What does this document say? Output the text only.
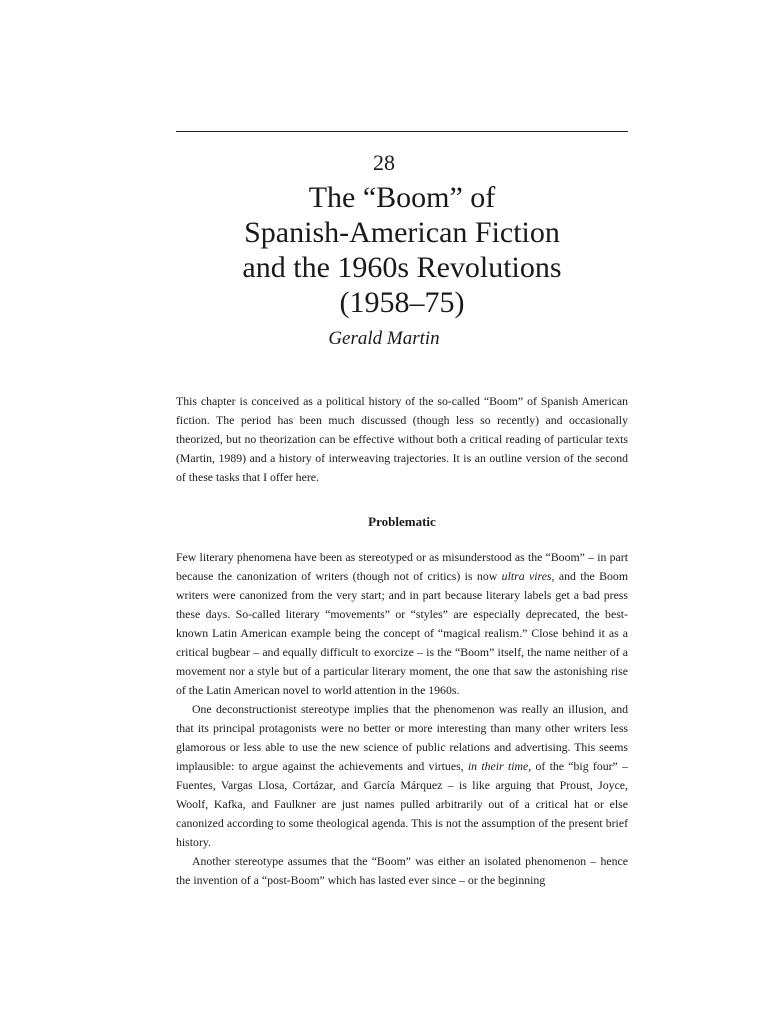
28
The “Boom” of
Spanish-American Fiction
and the 1960s Revolutions
(1958–75)
Gerald Martin

This chapter is conceived as a political history of the so-called “Boom” of Spanish American fiction. The period has been much discussed (though less so recently) and occasionally theorized, but no theorization can be effective without both a critical reading of particular texts (Martin, 1989) and a history of interweaving trajectories. It is an outline version of the second of these tasks that I offer here.

Problematic

Few literary phenomena have been as stereotyped or as misunderstood as the “Boom” – in part because the canonization of writers (though not of critics) is now ultra vires, and the Boom writers were canonized from the very start; and in part because literary labels get a bad press these days. So-called literary “movements” or “styles” are especially deprecated, the best-known Latin American example being the concept of “magical realism.” Close behind it as a critical bugbear – and equally difficult to exorcize – is the “Boom” itself, the name neither of a movement nor a style but of a particular literary moment, the one that saw the astonishing rise of the Latin American novel to world attention in the 1960s.

One deconstructionist stereotype implies that the phenomenon was really an illusion, and that its principal protagonists were no better or more interesting than many other writers less glamorous or less able to use the new science of public relations and advertising. This seems implausible: to argue against the achievements and virtues, in their time, of the “big four” – Fuentes, Vargas Llosa, Cortázar, and García Márquez – is like arguing that Proust, Joyce, Woolf, Kafka, and Faulkner are just names pulled arbitrarily out of a critical hat or else canonized according to some theological agenda. This is not the assumption of the present brief history.

Another stereotype assumes that the “Boom” was either an isolated phenomenon – hence the invention of a “post-Boom” which has lasted ever since – or the beginning
